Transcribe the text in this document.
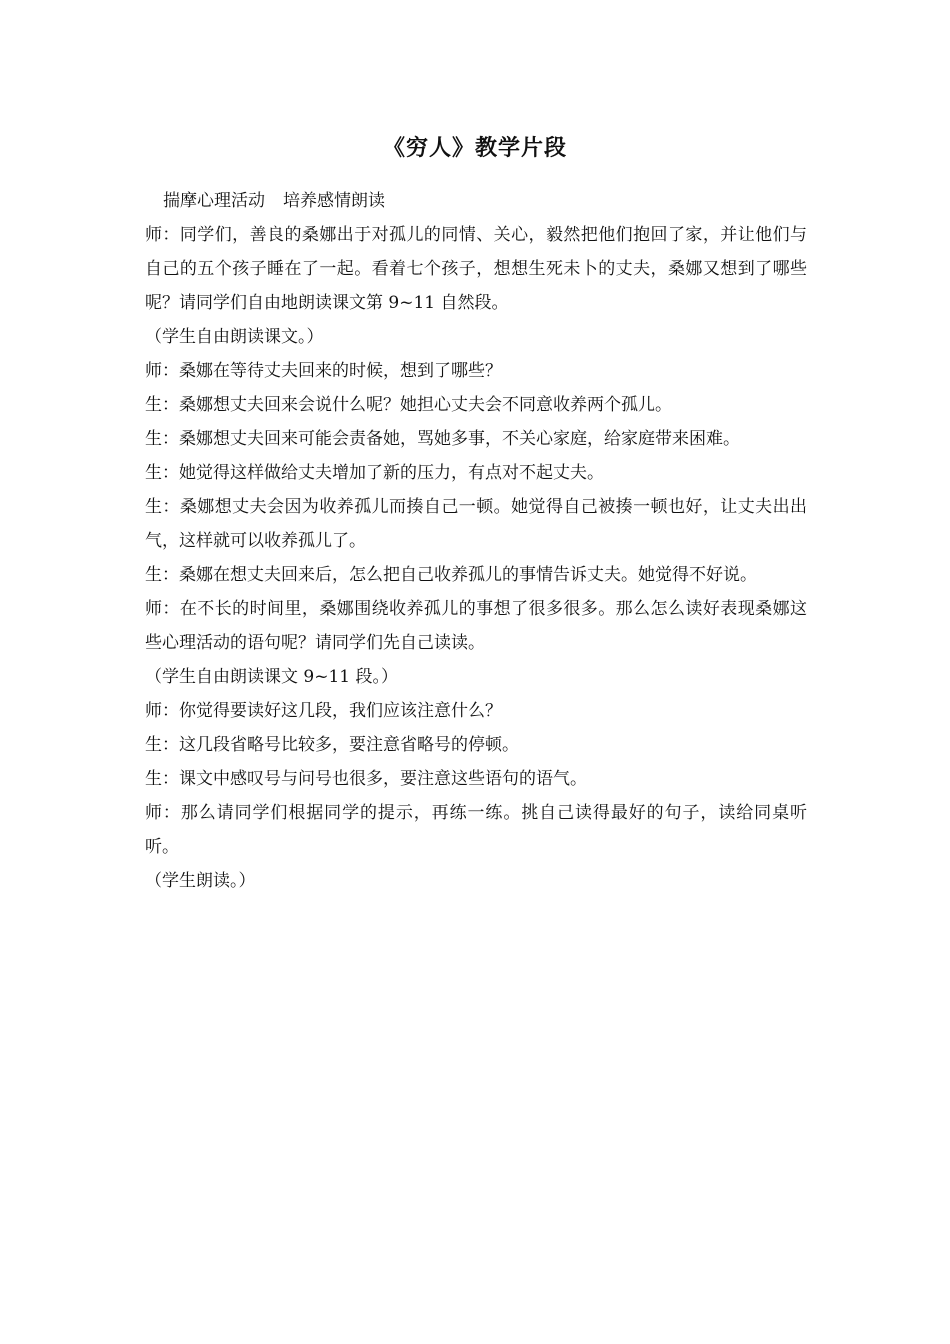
《穷人》教学片段

揣摩心理活动 培养感情朗读

师：同学们，善良的桑娜出于对孤儿的同情、关心，毅然把他们抱回了家，并让他们与自己的五个孩子睡在了一起。看着七个孩子，想想生死未卜的丈夫，桑娜又想到了哪些呢？请同学们自由地朗读课文第 9~11 自然段。

（学生自由朗读课文。）

师：桑娜在等待丈夫回来的时候，想到了哪些？

生：桑娜想丈夫回来会说什么呢？她担心丈夫会不同意收养两个孤儿。

生：桑娜想丈夫回来可能会责备她，骂她多事，不关心家庭，给家庭带来困难。

生：她觉得这样做给丈夫增加了新的压力，有点对不起丈夫。

生：桑娜想丈夫会因为收养孤儿而揍自己一顿。她觉得自己被揍一顿也好，让丈夫出出气，这样就可以收养孤儿了。

生：桑娜在想丈夫回来后，怎么把自己收养孤儿的事情告诉丈夫。她觉得不好说。

师：在不长的时间里，桑娜围绕收养孤儿的事想了很多很多。那么怎么读好表现桑娜这些心理活动的语句呢？请同学们先自己读读。

（学生自由朗读课文 9~11 段。）

师：你觉得要读好这几段，我们应该注意什么？

生：这几段省略号比较多，要注意省略号的停顿。

生：课文中感叹号与问号也很多，要注意这些语句的语气。

师：那么请同学们根据同学的提示，再练一练。挑自己读得最好的句子，读给同桌听听。

（学生朗读。）
